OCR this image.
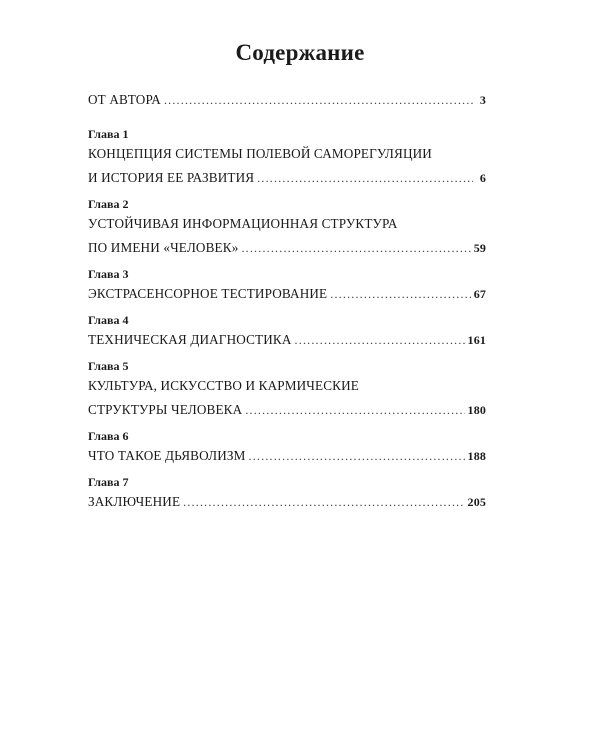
Содержание
ОТ АВТОРА .....	3
Глава 1
КОНЦЕПЦИЯ СИСТЕМЫ ПОЛЕВОЙ САМОРЕГУЛЯЦИИ
И ИСТОРИЯ ЕЕ РАЗВИТИЯ .....	6
Глава 2
УСТОЙЧИВАЯ ИНФОРМАЦИОННАЯ СТРУКТУРА
ПО ИМЕНИ «ЧЕЛОВЕК» .....	59
Глава 3
ЭКСТРАСЕНСОРНОЕ ТЕСТИРОВАНИЕ .....	67
Глава 4
ТЕХНИЧЕСКАЯ ДИАГНОСТИКА .....	161
Глава 5
КУЛЬТУРА, ИСКУССТВО И КАРМИЧЕСКИЕ
СТРУКТУРЫ ЧЕЛОВЕКА .....	180
Глава 6
ЧТО ТАКОЕ ДЬЯВОЛИЗМ .....	188
Глава 7
ЗАКЛЮЧЕНИЕ .....	205
